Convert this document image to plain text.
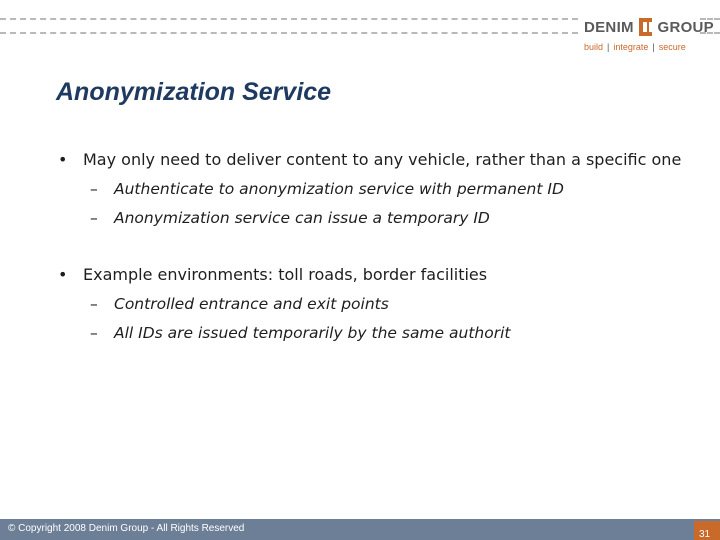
DENIM GROUP
build | integrate | secure
Anonymization Service
• May only need to deliver content to any vehicle, rather than a specific one
– Authenticate to anonymization service with permanent ID
– Anonymization service can issue a temporary ID
• Example environments: toll roads, border facilities
– Controlled entrance and exit points
– All IDs are issued temporarily by the same authorit
© Copyright 2008 Denim Group - All Rights Reserved
31
